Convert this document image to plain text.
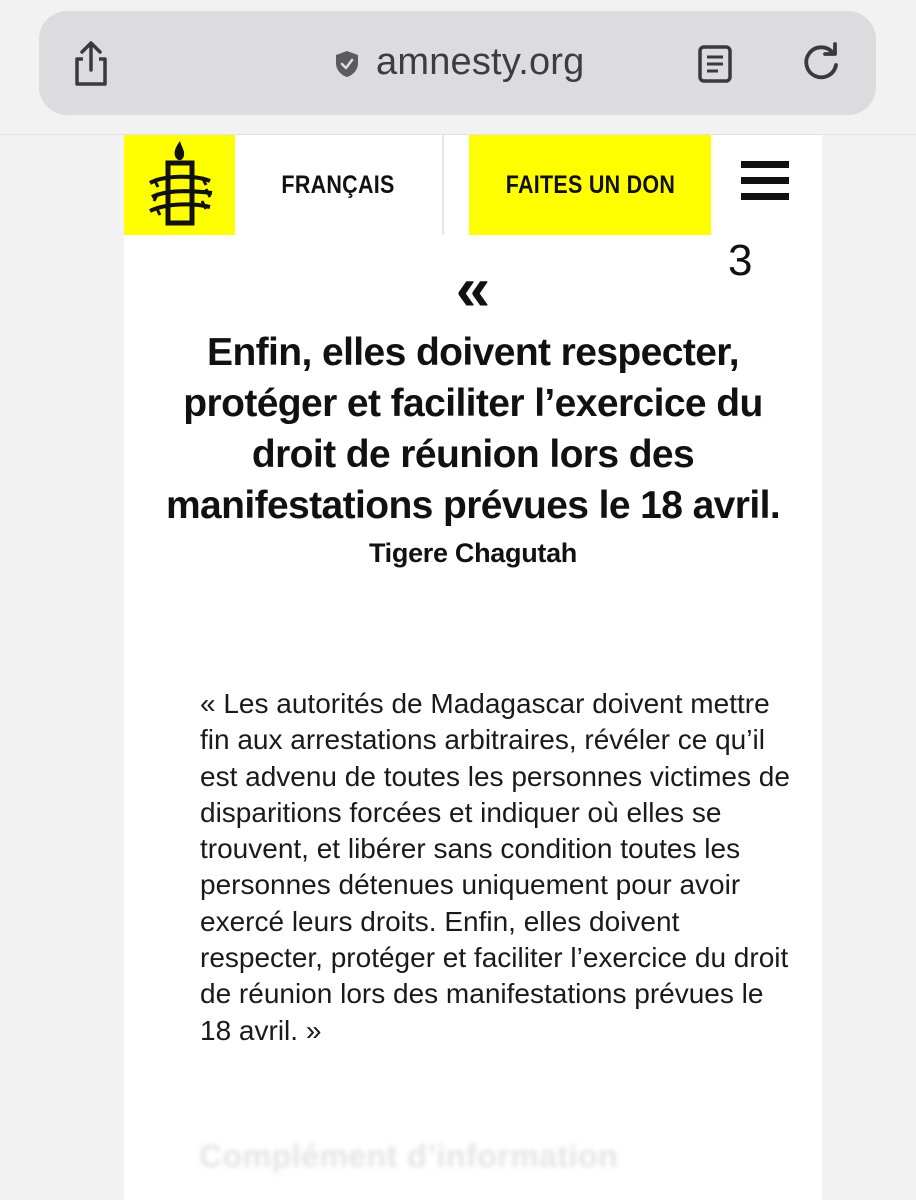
amnesty.org
FRANÇAIS	FAITES UN DON
3
«
Enfin, elles doivent respecter, protéger et faciliter l’exercice du droit de réunion lors des manifestations prévues le 18 avril.
Tigere Chagutah
« Les autorités de Madagascar doivent mettre fin aux arrestations arbitraires, révéler ce qu’il est advenu de toutes les personnes victimes de disparitions forcées et indiquer où elles se trouvent, et libérer sans condition toutes les personnes détenues uniquement pour avoir exercé leurs droits. Enfin, elles doivent respecter, protéger et faciliter l’exercice du droit de réunion lors des manifestations prévues le 18 avril. »
Complément d’information
